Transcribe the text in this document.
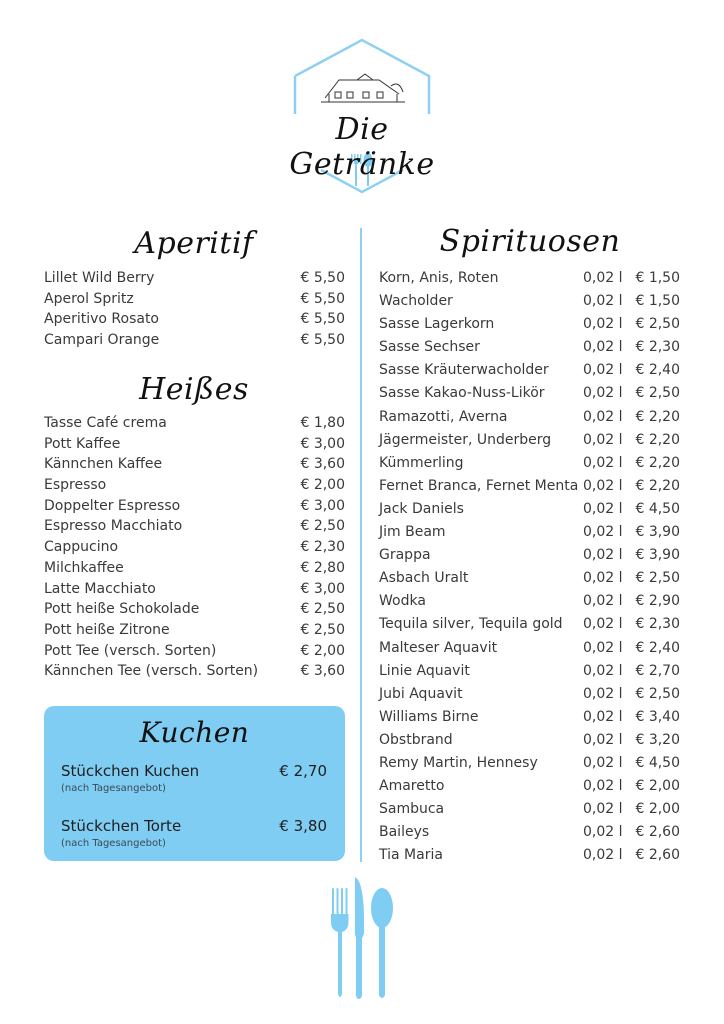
Die Getränke
Aperitif
Lillet Wild Berry	€ 5,50
Aperol Spritz	€ 5,50
Aperitivo Rosato	€ 5,50
Campari Orange	€ 5,50
Heißes
Tasse Café crema	€ 1,80
Pott Kaffee	€ 3,00
Kännchen Kaffee	€ 3,60
Espresso	€ 2,00
Doppelter Espresso	€ 3,00
Espresso Macchiato	€ 2,50
Cappucino	€ 2,30
Milchkaffee	€ 2,80
Latte Macchiato	€ 3,00
Pott heiße Schokolade	€ 2,50
Pott heiße Zitrone	€ 2,50
Pott Tee (versch. Sorten)	€ 2,00
Kännchen Tee (versch. Sorten)	€ 3,60
Kuchen
Stückchen Kuchen	€ 2,70
(nach Tagesangebot)
Stückchen Torte	€ 3,80
(nach Tagesangebot)
Spirituosen
Korn, Anis, Roten	0,02 l € 1,50
Wacholder	0,02 l € 1,50
Sasse Lagerkorn	0,02 l € 2,50
Sasse Sechser	0,02 l € 2,30
Sasse Kräuterwacholder 0,02 l € 2,40
Sasse Kakao-Nuss-Likör	0,02 l € 2,50
Ramazotti, Averna	0,02 l € 2,20
Jägermeister, Underberg 0,02 l € 2,20
Kümmerling	0,02 l € 2,20
Fernet Branca, Fernet Menta 0,02 l € 2,20
Jack Daniels	0,02 l € 4,50
Jim Beam	0,02 l € 3,90
Grappa	0,02 l € 3,90
Asbach Uralt	0,02 l € 2,50
Wodka	0,02 l € 2,90
Tequila silver, Tequila gold 0,02 l € 2,30
Malteser Aquavit	0,02 l € 2,40
Linie Aquavit	0,02 l € 2,70
Jubi Aquavit	0,02 l € 2,50
Williams Birne	0,02 l € 3,40
Obstbrand	0,02 l € 3,20
Remy Martin, Hennesy	0,02 l € 4,50
Amaretto	0,02 l € 2,00
Sambuca	0,02 l € 2,00
Baileys	0,02 l € 2,60
Tia Maria	0,02 l € 2,60
